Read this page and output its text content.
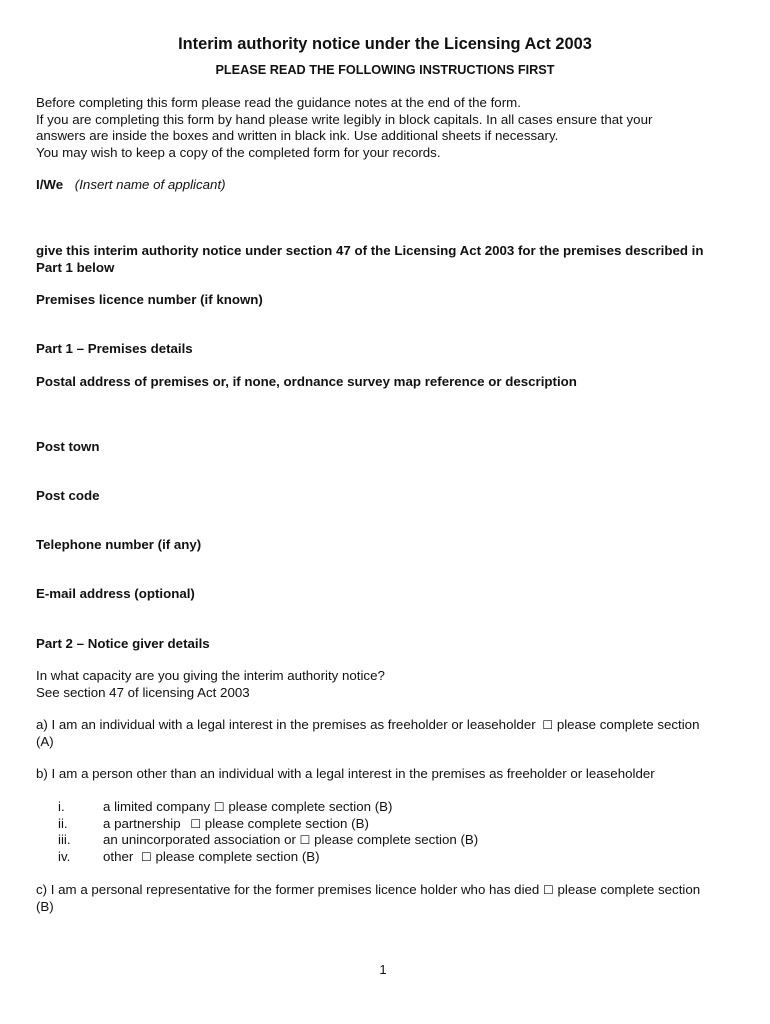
Interim authority notice under the Licensing Act 2003
PLEASE READ THE FOLLOWING INSTRUCTIONS FIRST
Before completing this form please read the guidance notes at the end of the form.
If you are completing this form by hand please write legibly in block capitals. In all cases ensure that your
answers are inside the boxes and written in black ink. Use additional sheets if necessary.
You may wish to keep a copy of the completed form for your records.
I/We (Insert name of applicant)
give this interim authority notice under section 47 of the Licensing Act 2003 for the premises described in
Part 1 below
Premises licence number (if known)
Part 1 – Premises details
Postal address of premises or, if none, ordnance survey map reference or description
Post town
Post code
Telephone number (if any)
E-mail address (optional)
Part 2 – Notice giver details
In what capacity are you giving the interim authority notice?
See section 47 of licensing Act 2003
a) I am an individual with a legal interest in the premises as freeholder or leaseholder ☐ please complete section
(A)
b) I am a person other than an individual with a legal interest in the premises as freeholder or leaseholder
i.	a limited company ☐ please complete section (B)
ii.	a partnership ☐ please complete section (B)
iii. an unincorporated association or ☐ please complete section (B)
iv. other ☐ please complete section (B)
c) I am a personal representative for the former premises licence holder who has died ☐ please complete section
(B)
1
